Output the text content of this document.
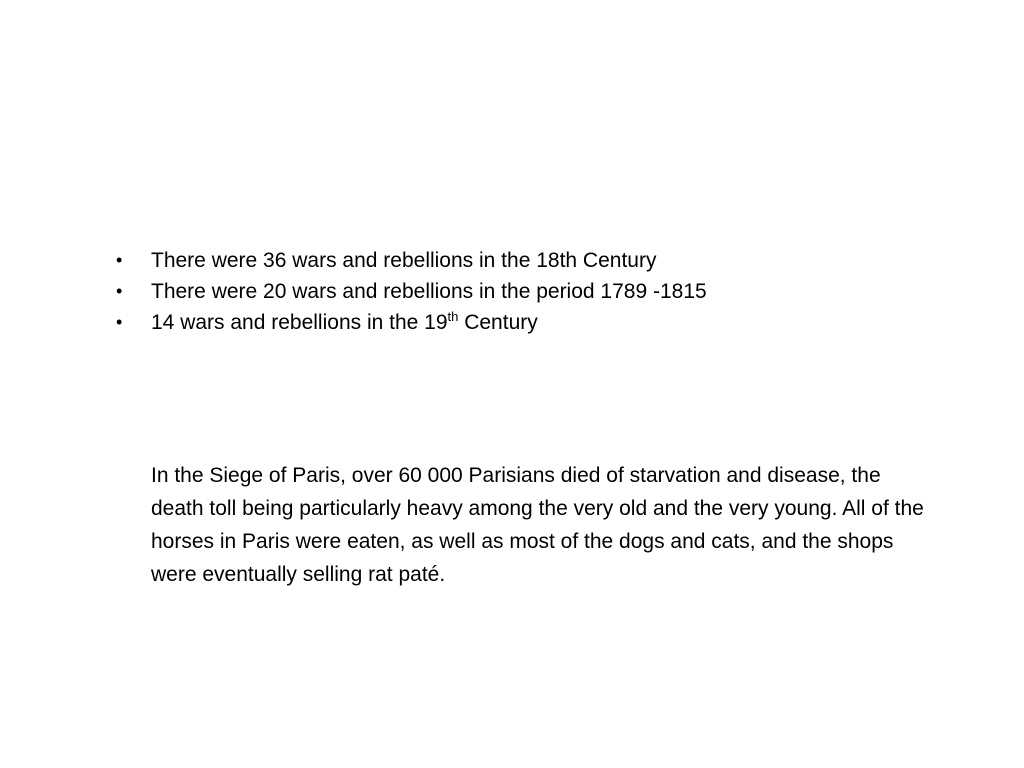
• There were 36 wars and rebellions in the 18th Century
• There were 20 wars and rebellions in the period 1789 -1815
• 14 wars and rebellions in the 19th Century

In the Siege of Paris, over 60 000 Parisians died of starvation and disease, the death toll being particularly heavy among the very old and the very young. All of the horses in Paris were eaten, as well as most of the dogs and cats, and the shops were eventually selling rat paté.
